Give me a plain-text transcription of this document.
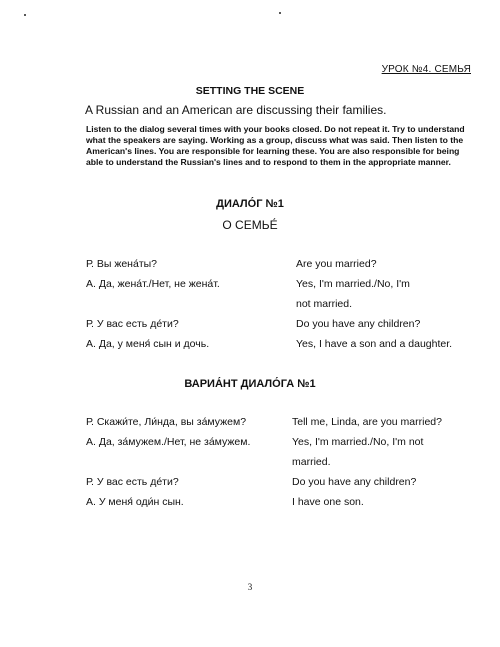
УРОК №4. СЕМЬЯ
SETTING THE SCENE
A Russian and an American are discussing their families.

Listen to the dialog several times with your books closed. Do not repeat it. Try to understand what the speakers are saying. Working as a group, discuss what was said. Then listen to the American's lines. You are responsible for learning these. You are also responsible for being able to understand the Russian's lines and to respond to them in the appropriate manner.

ДИАЛО́Г №1
О СЕМЬЕ́
Р. Вы жена́ты?	Are you married?
А. Да, жена́т./Нет, не жена́т.	Yes, I'm married./No, I'm
not married.
Р. У вас есть де́ти?	Do you have any children?
А. Да, у меня́ сын и дочь.	Yes, I have a son and a daughter.
ВАРИА́НТ ДИАЛО́ГА №1
Р. Скажи́те, Ли́нда, вы за́мужем?	Tell me, Linda, are you married?
А. Да, за́мужем./Нет, не за́мужем.	Yes, I'm married./No, I'm not
married.
Р. У вас есть де́ти?	Do you have any children?
А. У меня́ оди́н сын.	I have one son.
3
